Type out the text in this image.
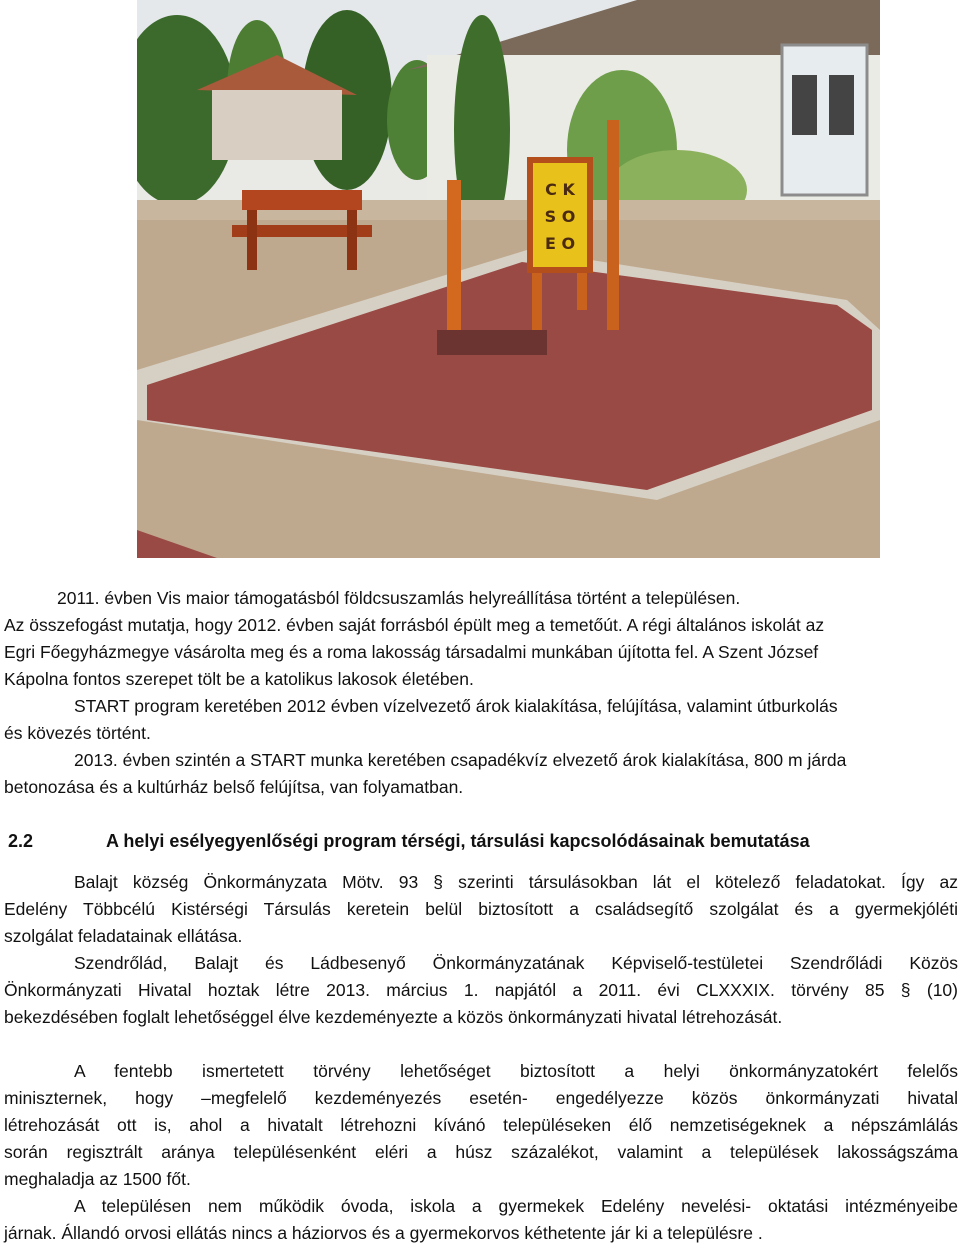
C K
S O
E O
2011. évben Vis maior támogatásból földcsuszamlás helyreállítása történt a településen.
Az összefogást mutatja, hogy 2012. évben saját forrásból épült meg a temetőút. A régi általános iskolát az
Egri Főegyházmegye vásárolta meg és a roma lakosság társadalmi munkában újította fel. A Szent József
Kápolna fontos szerepet tölt be a katolikus lakosok életében.
START program keretében 2012 évben vízelvezető árok kialakítása, felújítása, valamint útburkolás
és kövezés történt.
2013. évben szintén a START munka keretében csapadékvíz elvezető árok kialakítása, 800 m járda
betonozása és a kultúrház belső felújítsa, van folyamatban.
2.2	A helyi esélyegyenlőségi program térségi, társulási kapcsolódásainak bemutatása
Balajt község Önkormányzata Mötv. 93 § szerinti társulásokban lát el kötelező feladatokat. Így az
Edelény Többcélú Kistérségi Társulás keretein belül biztosított a családsegítő szolgálat és a gyermekjóléti
szolgálat feladatainak ellátása.
Szendrőlád, Balajt és Ládbesenyő Önkormányzatának Képviselő-testületei Szendrőládi Közös
Önkormányzati Hivatal hoztak létre 2013. március 1. napjától a 2011. évi CLXXXIX. törvény 85 § (10)
bekezdésében foglalt lehetőséggel élve kezdeményezte a közös önkormányzati hivatal létrehozását.
A fentebb ismertetett törvény lehetőséget biztosított a helyi önkormányzatokért felelős
miniszternek, hogy –megfelelő kezdeményezés esetén- engedélyezze közös önkormányzati hivatal
létrehozását ott is, ahol a hivatalt létrehozni kívánó településeken élő nemzetiségeknek a népszámlálás
során regisztrált aránya településenként eléri a húsz százalékot, valamint a települések lakosságszáma
meghaladja az 1500 főt.
A településen nem működik óvoda, iskola a gyermekek Edelény nevelési- oktatási intézményeibe
járnak. Állandó orvosi ellátás nincs a háziorvos és a gyermekorvos kéthetente jár ki a településre .
